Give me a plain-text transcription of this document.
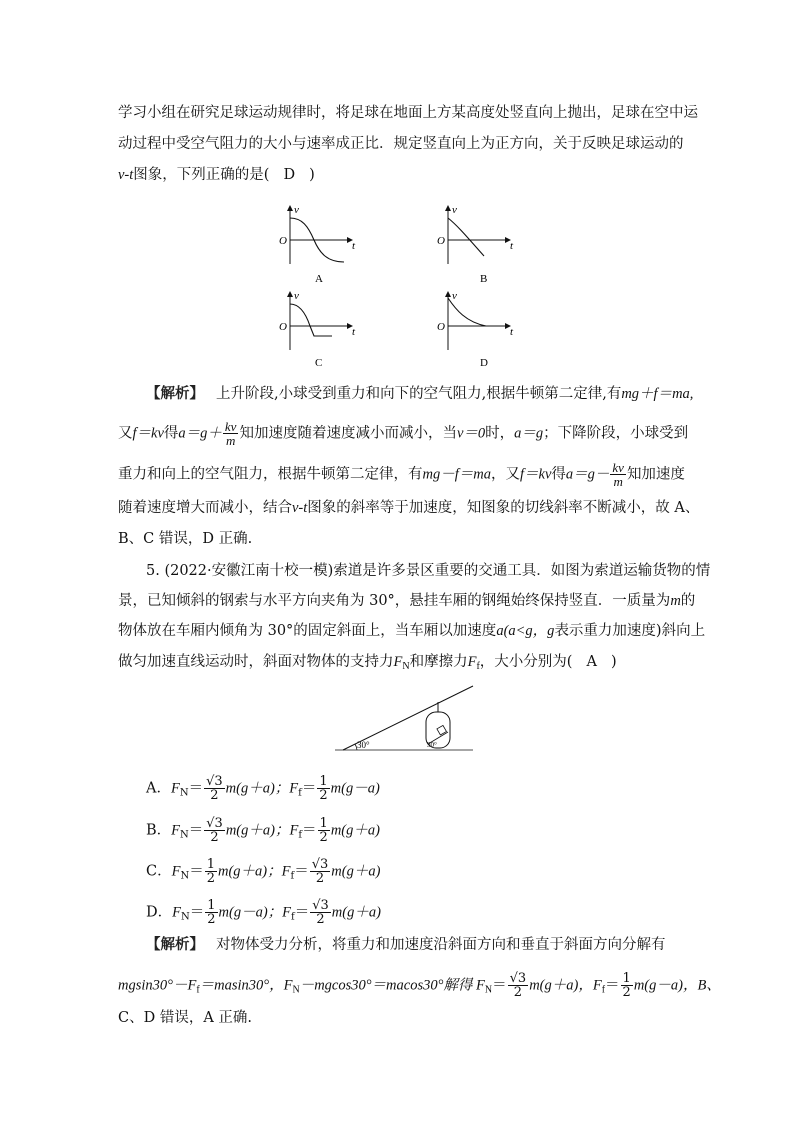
学习小组在研究足球运动规律时，将足球在地面上方某高度处竖直向上抛出，足球在空中运
动过程中受空气阻力的大小与速率成正比．规定竖直向上为正方向，关于反映足球运动的
v-t图象，下列正确的是( D )
v
t
O
A
v
t
O
B
v
t
O
C
v
t
O
D
【解析】 上升阶段,小球受到重力和向下的空气阻力,根据牛顿第二定律,有mg＋f＝ma,
又f＝kv得$a=g+ \frac{kv}{m}$ 知加速度随着速度减小而减小，当v＝0时，a＝g；下降阶段，小球受到
重力和向上的空气阻力，根据牛顿第二定律，有mg－f＝ma，又f＝kv得$a=g- \frac{kv}{m}$ 知加速度
随着速度增大而减小，结合v-t图象的斜率等于加速度，知图象的切线斜率不断减小，故 A、
B、C 错误，D 正确.
5. (2022·安徽江南十校一模)索道是许多景区重要的交通工具．如图为索道运输货物的情
景，已知倾斜的钢索与水平方向夹角为 30°，悬挂车厢的钢绳始终保持竖直．一质量为m的
物体放在车厢内倾角为 30°的固定斜面上，当车厢以加速度a(a<g，g表示重力加速度)斜向上
做匀加速直线运动时，斜面对物体的支持力$F_N$和摩擦力$F_f$，大小分别为( A )
30°	30°
A．$F_N= \frac{√3}{2} m(g+a)$；$F_f= \frac{1}{2} m(g-a)$
B．$F_N= \frac{√3}{2} m(g+a)$；$F_f= \frac{1}{2} m(g+a)$
C．$F_N= \frac{1}{2} m(g+a)$；$F_f= \frac{√3}{2} m(g+a)$
D．$F_N= \frac{1}{2} m(g-a)$；$F_f= \frac{√3}{2} m(g+a)$
【解析】 对物体受力分析，将重力和加速度沿斜面方向和垂直于斜面方向分解有
$mgsin30^\circ-F_f=masin30^\circ$，$F_N-mgcos30^\circ=macos30^\circ$解得 $F_N= \frac{√3}{2} m(g+a)$，$F_f= \frac{1}{2} m(g-a)$，B、
C、D 错误，A 正确.
